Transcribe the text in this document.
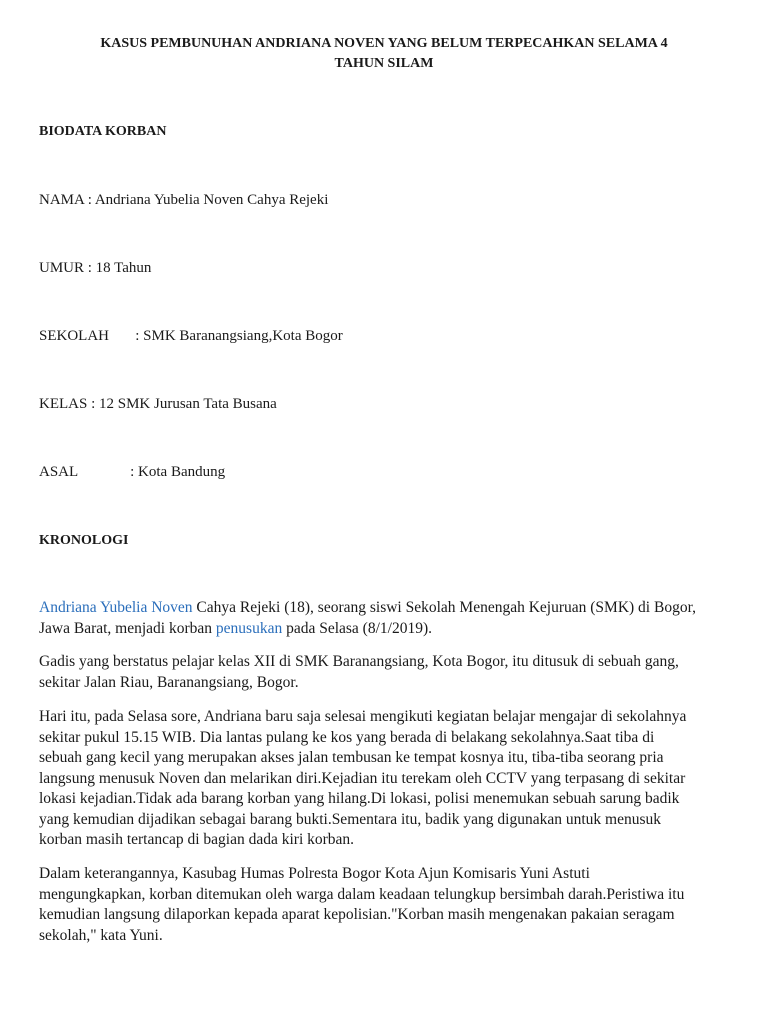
KASUS PEMBUNUHAN ANDRIANA NOVEN YANG BELUM TERPECAHKAN SELAMA 4
TAHUN SILAM
BIODATA KORBAN
NAMA : Andriana Yubelia Noven Cahya Rejeki
UMUR : 18 Tahun
SEKOLAH       : SMK Baranangsiang,Kota Bogor
KELAS : 12 SMK Jurusan Tata Busana
ASAL              : Kota Bandung
KRONOLOGI
Andriana Yubelia Noven Cahya Rejeki (18), seorang siswi Sekolah Menengah Kejuruan (SMK) di Bogor,
Jawa Barat, menjadi korban penusukan pada Selasa (8/1/2019).
Gadis yang berstatus pelajar kelas XII di SMK Baranangsiang, Kota Bogor, itu ditusuk di sebuah gang,
sekitar Jalan Riau, Baranangsiang, Bogor.
Hari itu, pada Selasa sore, Andriana baru saja selesai mengikuti kegiatan belajar mengajar di sekolahnya
sekitar pukul 15.15 WIB. Dia lantas pulang ke kos yang berada di belakang sekolahnya.Saat tiba di
sebuah gang kecil yang merupakan akses jalan tembusan ke tempat kosnya itu, tiba-tiba seorang pria
langsung menusuk Noven dan melarikan diri.Kejadian itu terekam oleh CCTV yang terpasang di sekitar
lokasi kejadian.Tidak ada barang korban yang hilang.Di lokasi, polisi menemukan sebuah sarung badik
yang kemudian dijadikan sebagai barang bukti.Sementara itu, badik yang digunakan untuk menusuk
korban masih tertancap di bagian dada kiri korban.
Dalam keterangannya, Kasubag Humas Polresta Bogor Kota Ajun Komisaris Yuni Astuti
mengungkapkan, korban ditemukan oleh warga dalam keadaan telungkup bersimbah darah.Peristiwa itu
kemudian langsung dilaporkan kepada aparat kepolisian."Korban masih mengenakan pakaian seragam
sekolah," kata Yuni.
